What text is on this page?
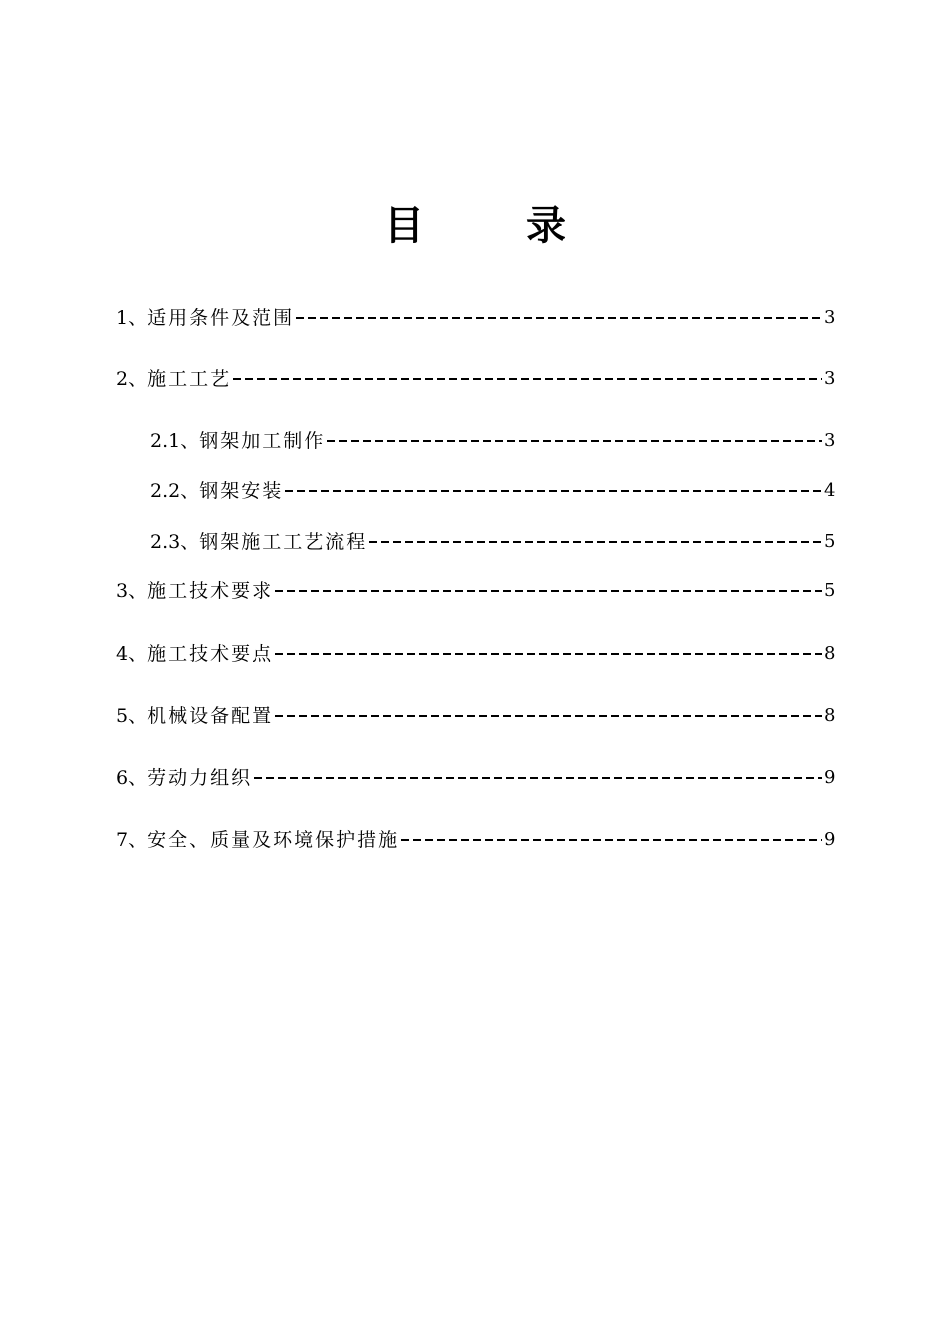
目	录
1、 适用条件及范围	3
2、 施工工艺	3
2.1、 钢架加工制作	3
2.2、 钢架安装	4
2.3、 钢架施工工艺流程	5
3、 施工技术要求	5
4、 施工技术要点	8
5、 机械设备配置	8
6、 劳动力组织	9
7、 安全、质量及环境保护措施	9
